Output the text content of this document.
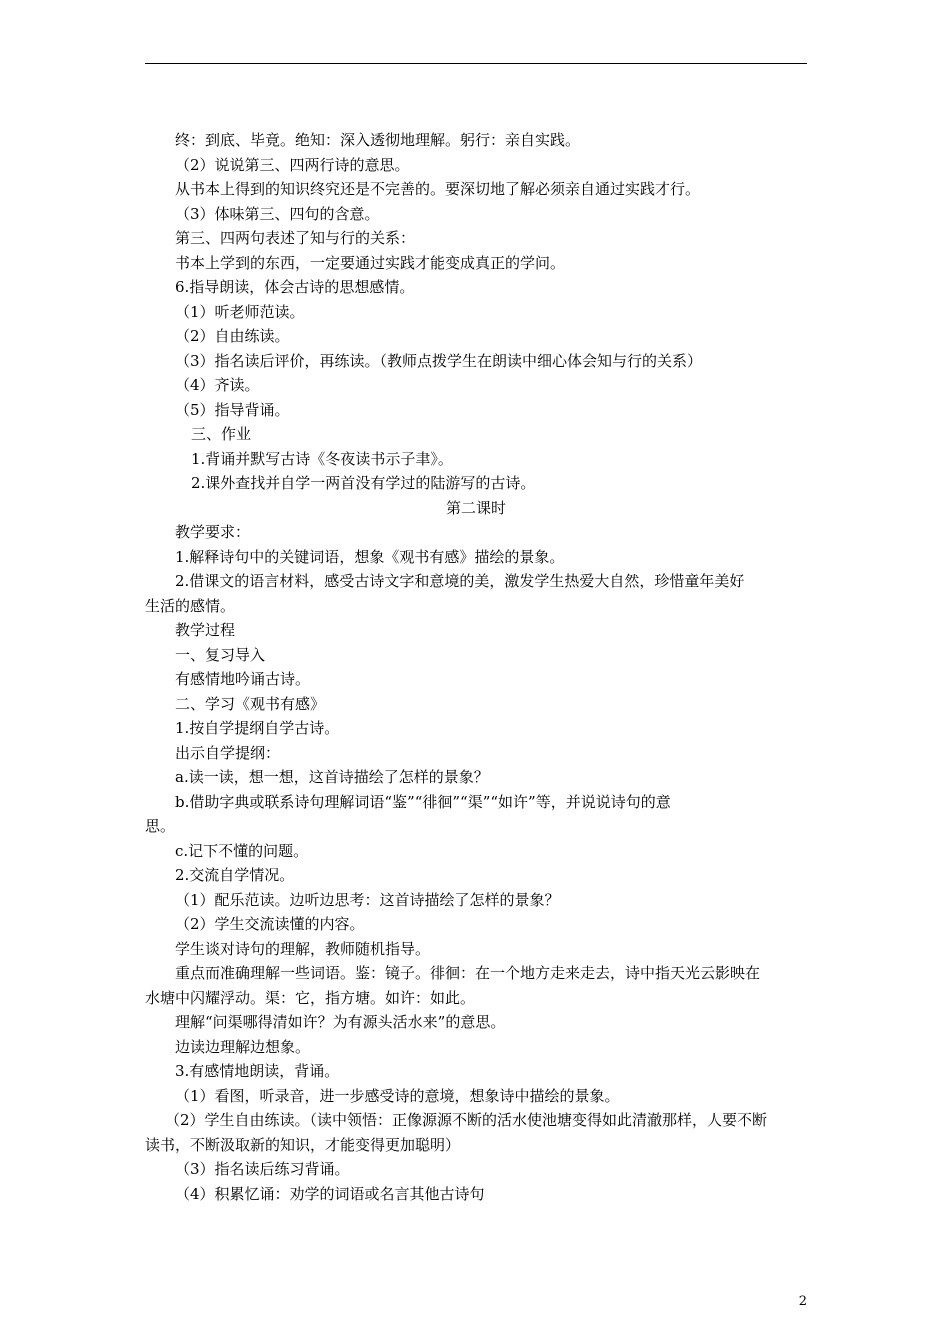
终：到底、毕竟。绝知：深入透彻地理解。躬行：亲自实践。
（2）说说第三、四两行诗的意思。
从书本上得到的知识终究还是不完善的。要深切地了解必须亲自通过实践才行。
（3）体味第三、四句的含意。
第三、四两句表述了知与行的关系：
书本上学到的东西，一定要通过实践才能变成真正的学问。
6.指导朗读，体会古诗的思想感情。
（1）听老师范读。
（2）自由练读。
（3）指名读后评价，再练读。（教师点拨学生在朗读中细心体会知与行的关系）
（4）齐读。
（5）指导背诵。
三、作业
1.背诵并默写古诗《冬夜读书示子聿》。
2.课外查找并自学一两首没有学过的陆游写的古诗。
第二课时
教学要求：
1.解释诗句中的关键词语，想象《观书有感》描绘的景象。
2.借课文的语言材料，感受古诗文字和意境的美，激发学生热爱大自然，珍惜童年美好
生活的感情。
教学过程
一、复习导入
有感情地吟诵古诗。
二、学习《观书有感》
1.按自学提纲自学古诗。
出示自学提纲：
a.读一读，想一想，这首诗描绘了怎样的景象？
b.借助字典或联系诗句理解词语“鉴”“徘徊”“渠”“如许”等，并说说诗句的意
思。
c.记下不懂的问题。
2.交流自学情况。
（1）配乐范读。边听边思考：这首诗描绘了怎样的景象？
（2）学生交流读懂的内容。
学生谈对诗句的理解，教师随机指导。
重点而准确理解一些词语。鉴：镜子。徘徊：在一个地方走来走去，诗中指天光云影映在
水塘中闪耀浮动。渠：它，指方塘。如许：如此。
理解“问渠哪得清如许？为有源头活水来”的意思。
边读边理解边想象。
3.有感情地朗读，背诵。
（1）看图，听录音，进一步感受诗的意境，想象诗中描绘的景象。
（2）学生自由练读。（读中领悟：正像源源不断的活水使池塘变得如此清澈那样，人要不断
读书，不断汲取新的知识，才能变得更加聪明）
（3）指名读后练习背诵。
（4）积累忆诵：劝学的词语或名言其他古诗句
2
